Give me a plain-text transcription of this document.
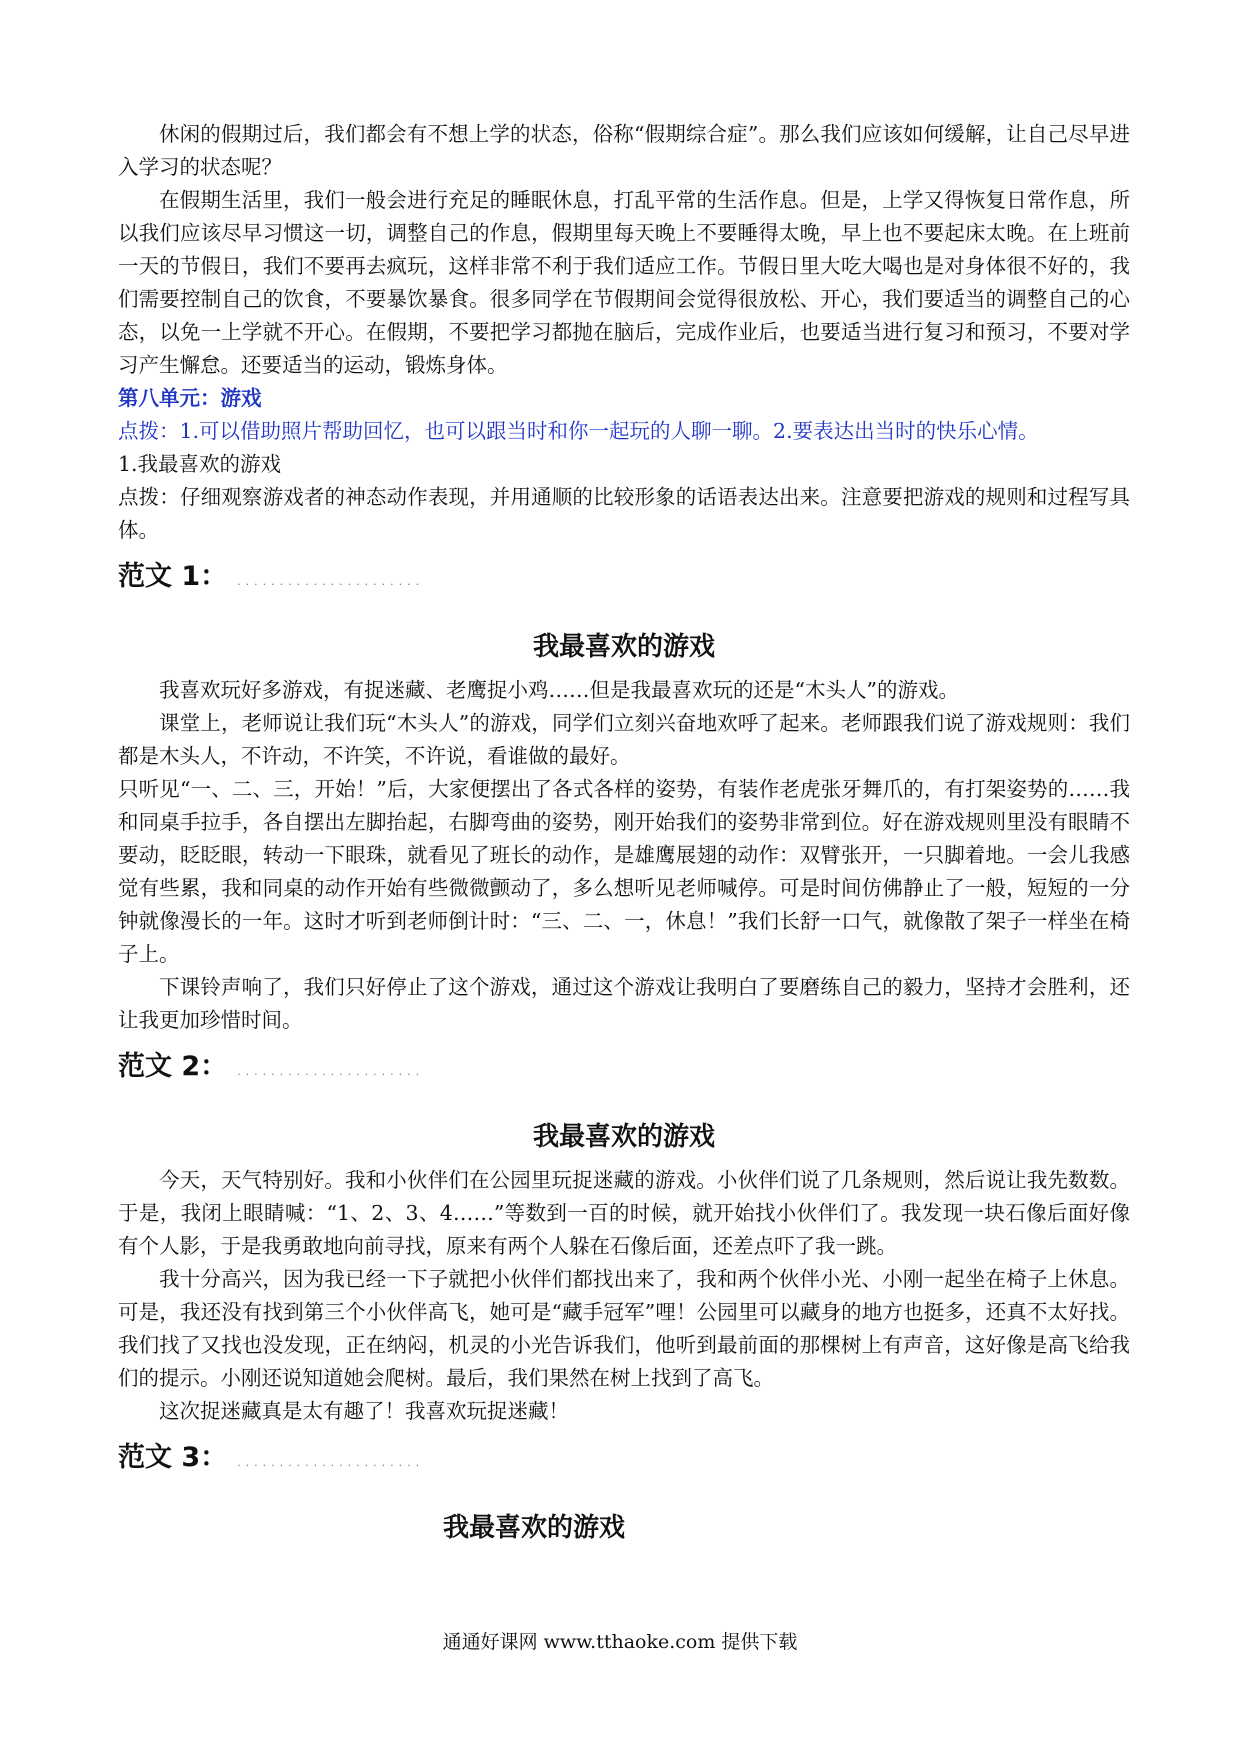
休闲的假期过后，我们都会有不想上学的状态，俗称“假期综合症”。那么我们应该如何缓解，让自己尽早进入学习的状态呢？

在假期生活里，我们一般会进行充足的睡眠休息，打乱平常的生活作息。但是，上学又得恢复日常作息，所以我们应该尽早习惯这一切，调整自己的作息，假期里每天晚上不要睡得太晚，早上也不要起床太晚。在上班前一天的节假日，我们不要再去疯玩，这样非常不利于我们适应工作。节假日里大吃大喝也是对身体很不好的，我们需要控制自己的饮食，不要暴饮暴食。很多同学在节假期间会觉得很放松、开心，我们要适当的调整自己的心态，以免一上学就不开心。在假期，不要把学习都抛在脑后，完成作业后，也要适当进行复习和预习，不要对学习产生懈怠。还要适当的运动，锻炼身体。

第八单元：游戏

点拨：1.可以借助照片帮助回忆，也可以跟当时和你一起玩的人聊一聊。2.要表达出当时的快乐心情。

1.我最喜欢的游戏

点拨：仔细观察游戏者的神态动作表现，并用通顺的比较形象的话语表达出来。注意要把游戏的规则和过程写具体。

范文 1： ......................
我最喜欢的游戏

我喜欢玩好多游戏，有捉迷藏、老鹰捉小鸡……但是我最喜欢玩的还是“木头人”的游戏。

课堂上，老师说让我们玩“木头人”的游戏，同学们立刻兴奋地欢呼了起来。老师跟我们说了游戏规则：我们都是木头人，不许动，不许笑，不许说，看谁做的最好。

只听见“一、二、三，开始！”后，大家便摆出了各式各样的姿势，有装作老虎张牙舞爪的，有打架姿势的……我和同桌手拉手，各自摆出左脚抬起，右脚弯曲的姿势，刚开始我们的姿势非常到位。好在游戏规则里没有眼睛不要动，眨眨眼，转动一下眼珠，就看见了班长的动作，是雄鹰展翅的动作：双臂张开，一只脚着地。一会儿我感觉有些累，我和同桌的动作开始有些微微颤动了，多么想听见老师喊停。可是时间仿佛静止了一般，短短的一分钟就像漫长的一年。这时才听到老师倒计时：“三、二、一，休息！”我们长舒一口气，就像散了架子一样坐在椅子上。

下课铃声响了，我们只好停止了这个游戏，通过这个游戏让我明白了要磨练自己的毅力，坚持才会胜利，还让我更加珍惜时间。

范文 2： ......................
我最喜欢的游戏

今天，天气特别好。我和小伙伴们在公园里玩捉迷藏的游戏。小伙伴们说了几条规则，然后说让我先数数。于是，我闭上眼睛喊：“1、2、3、4……”等数到一百的时候，就开始找小伙伴们了。我发现一块石像后面好像有个人影，于是我勇敢地向前寻找，原来有两个人躲在石像后面，还差点吓了我一跳。

我十分高兴，因为我已经一下子就把小伙伴们都找出来了，我和两个伙伴小光、小刚一起坐在椅子上休息。可是，我还没有找到第三个小伙伴高飞，她可是“藏手冠军”哩！公园里可以藏身的地方也挺多，还真不太好找。我们找了又找也没发现，正在纳闷，机灵的小光告诉我们，他听到最前面的那棵树上有声音，这好像是高飞给我们的提示。小刚还说知道她会爬树。最后，我们果然在树上找到了高飞。

这次捉迷藏真是太有趣了！我喜欢玩捉迷藏！

范文 3： ......................
我最喜欢的游戏
通通好课网 www.tthaoke.com 提供下载
